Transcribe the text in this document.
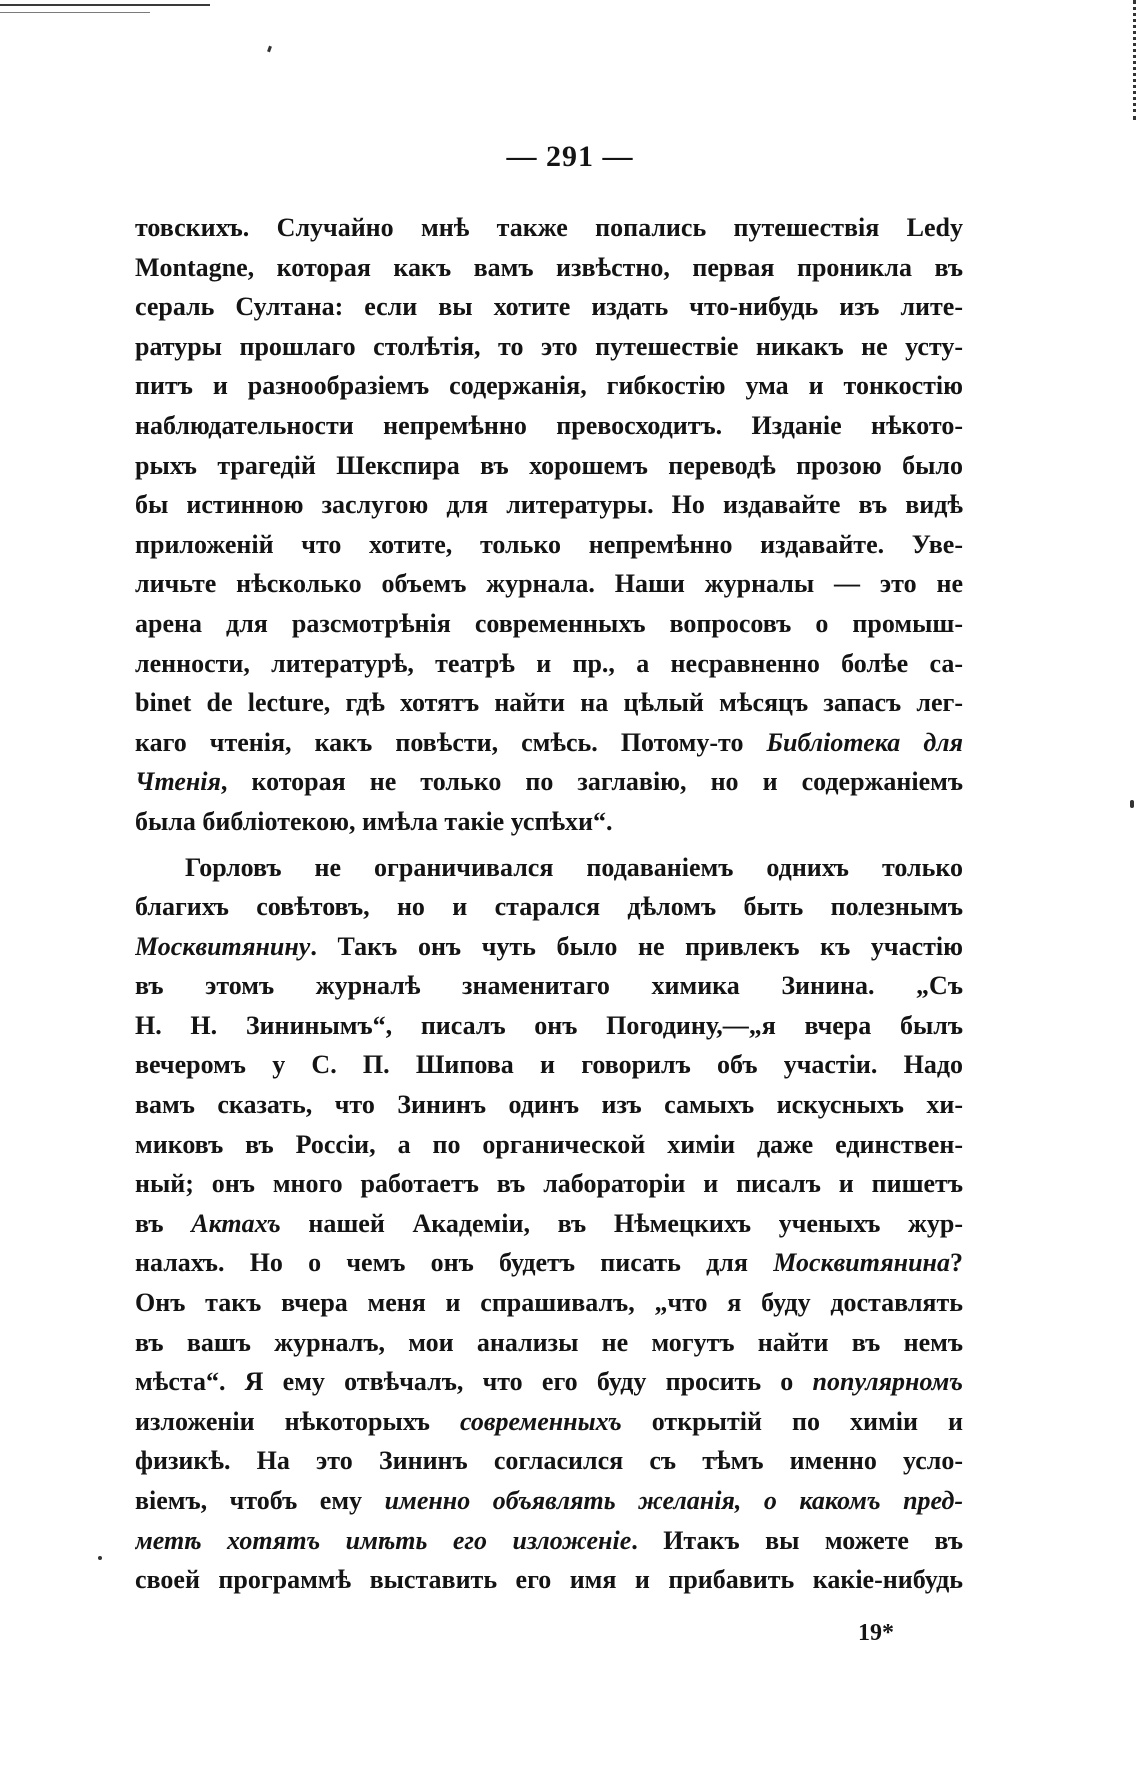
— 291 —
товскихъ. Случайно мнѣ также попались путешествія Ledy
Montagne, которая какъ вамъ извѣстно, первая проникла въ
сераль Султана: если вы хотите издать что-нибудь изъ лите-
ратуры прошлаго столѣтія, то это путешествіе никакъ не усту-
питъ и разнообразіемъ содержанія, гибкостію ума и тонкостію
наблюдательности непремѣнно превосходитъ. Изданіе нѣкото-
рыхъ трагедій Шекспира въ хорошемъ переводѣ прозою было
бы истинною заслугою для литературы. Но издавайте въ видѣ
приложеній что хотите, только непремѣнно издавайте. Уве-
личьте нѣсколько объемъ журнала. Наши журналы — это не
арена для разсмотрѣнія современныхъ вопросовъ о промыш-
ленности, литературѣ, театрѣ и пр., а несравненно болѣе са-
binet de lecture, гдѣ хотятъ найти на цѣлый мѣсяцъ запасъ лег-
каго чтенія, какъ повѣсти, смѣсь. Потому-то Библіотека для
Чтенія, которая не только по заглавію, но и содержаніемъ
была библіотекою, имѣла такіе успѣхи“.
Горловъ не ограничивался подаваніемъ однихъ только
благихъ совѣтовъ, но и старался дѣломъ быть полезнымъ
Москвитянину. Такъ онъ чуть было не привлекъ къ участію
въ этомъ журналѣ знаменитаго химика Зинина. „Съ
Н. Н. Зининымъ“, писалъ онъ Погодину,—„я вчера былъ
вечеромъ у С. П. Шипова и говорилъ объ участіи. Надо
вамъ сказать, что Зининъ одинъ изъ самыхъ искусныхъ хи-
миковъ въ Россіи, а по органической химіи даже единствен-
ный; онъ много работаетъ въ лабораторіи и писалъ и пишетъ
въ Актахъ нашей Академіи, въ Нѣмецкихъ ученыхъ жур-
налахъ. Но о чемъ онъ будетъ писать для Москвитянина?
Онъ такъ вчера меня и спрашивалъ, „что я буду доставлять
въ вашъ журналъ, мои анализы не могутъ найти въ немъ
мѣста“. Я ему отвѣчалъ, что его буду просить о популярномъ
изложеніи нѣкоторыхъ современныхъ открытій по химіи и
физикѣ. На это Зининъ согласился съ тѣмъ именно усло-
віемъ, чтобъ ему именно объявлять желанія, о какомъ пред-
метѣ хотятъ имѣть его изложеніе. Итакъ вы можете въ
своей программѣ выставить его имя и прибавить какіе-нибудь
19*
